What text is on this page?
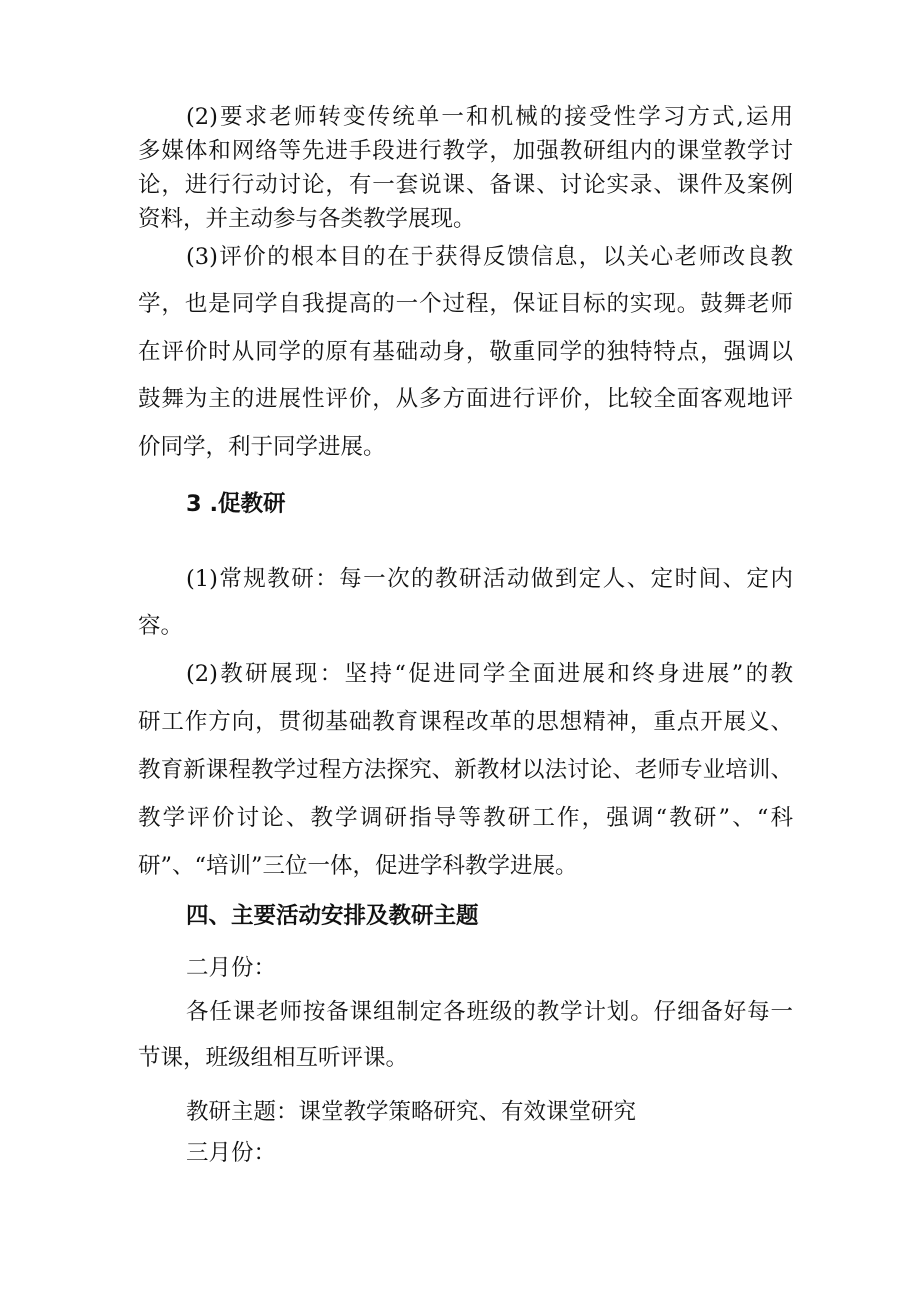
(2)要求老师转变传统单一和机械的接受性学习方式,运用
多媒体和网络等先进手段进行教学，加强教研组内的课堂教学讨
论，进行行动讨论，有一套说课、备课、讨论实录、课件及案例
资料，并主动参与各类教学展现。
(3)评价的根本目的在于获得反馈信息，以关心老师改良教
学，也是同学自我提高的一个过程，保证目标的实现。鼓舞老师
在评价时从同学的原有基础动身，敬重同学的独特特点，强调以
鼓舞为主的进展性评价，从多方面进行评价，比较全面客观地评
价同学，利于同学进展。
3 .促教研
(1)常规教研：每一次的教研活动做到定人、定时间、定内
容。
(2)教研展现：坚持“促进同学全面进展和终身进展”的教
研工作方向，贯彻基础教育课程改革的思想精神，重点开展义、
教育新课程教学过程方法探究、新教材以法讨论、老师专业培训、
教学评价讨论、教学调研指导等教研工作，强调“教研”、“科
研”、“培训”三位一体，促进学科教学进展。
四、主要活动安排及教研主题
二月份：
各任课老师按备课组制定各班级的教学计划。仔细备好每一
节课，班级组相互听评课。
教研主题：课堂教学策略研究、有效课堂研究
三月份：
